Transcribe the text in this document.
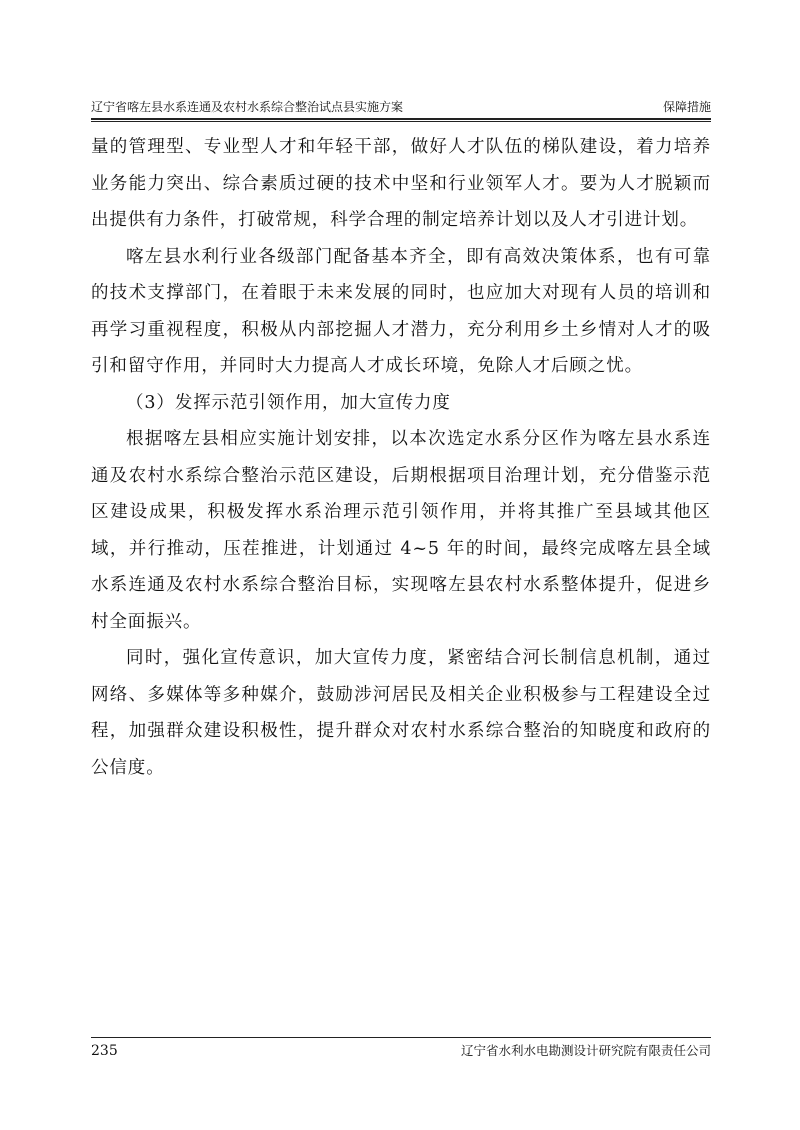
辽宁省喀左县水系连通及农村水系综合整治试点县实施方案	保障措施

量的管理型、专业型人才和年轻干部，做好人才队伍的梯队建设，着力培养业务能力突出、综合素质过硬的技术中坚和行业领军人才。要为人才脱颖而出提供有力条件，打破常规，科学合理的制定培养计划以及人才引进计划。

喀左县水利行业各级部门配备基本齐全，即有高效决策体系，也有可靠的技术支撑部门，在着眼于未来发展的同时，也应加大对现有人员的培训和再学习重视程度，积极从内部挖掘人才潜力，充分利用乡土乡情对人才的吸引和留守作用，并同时大力提高人才成长环境，免除人才后顾之忧。

（3）发挥示范引领作用，加大宣传力度

根据喀左县相应实施计划安排，以本次选定水系分区作为喀左县水系连通及农村水系综合整治示范区建设，后期根据项目治理计划，充分借鉴示范区建设成果，积极发挥水系治理示范引领作用，并将其推广至县域其他区域，并行推动，压茬推进，计划通过 4~5 年的时间，最终完成喀左县全域水系连通及农村水系综合整治目标，实现喀左县农村水系整体提升，促进乡村全面振兴。

同时，强化宣传意识，加大宣传力度，紧密结合河长制信息机制，通过网络、多媒体等多种媒介，鼓励涉河居民及相关企业积极参与工程建设全过程，加强群众建设积极性，提升群众对农村水系综合整治的知晓度和政府的公信度。

235	辽宁省水利水电勘测设计研究院有限责任公司
